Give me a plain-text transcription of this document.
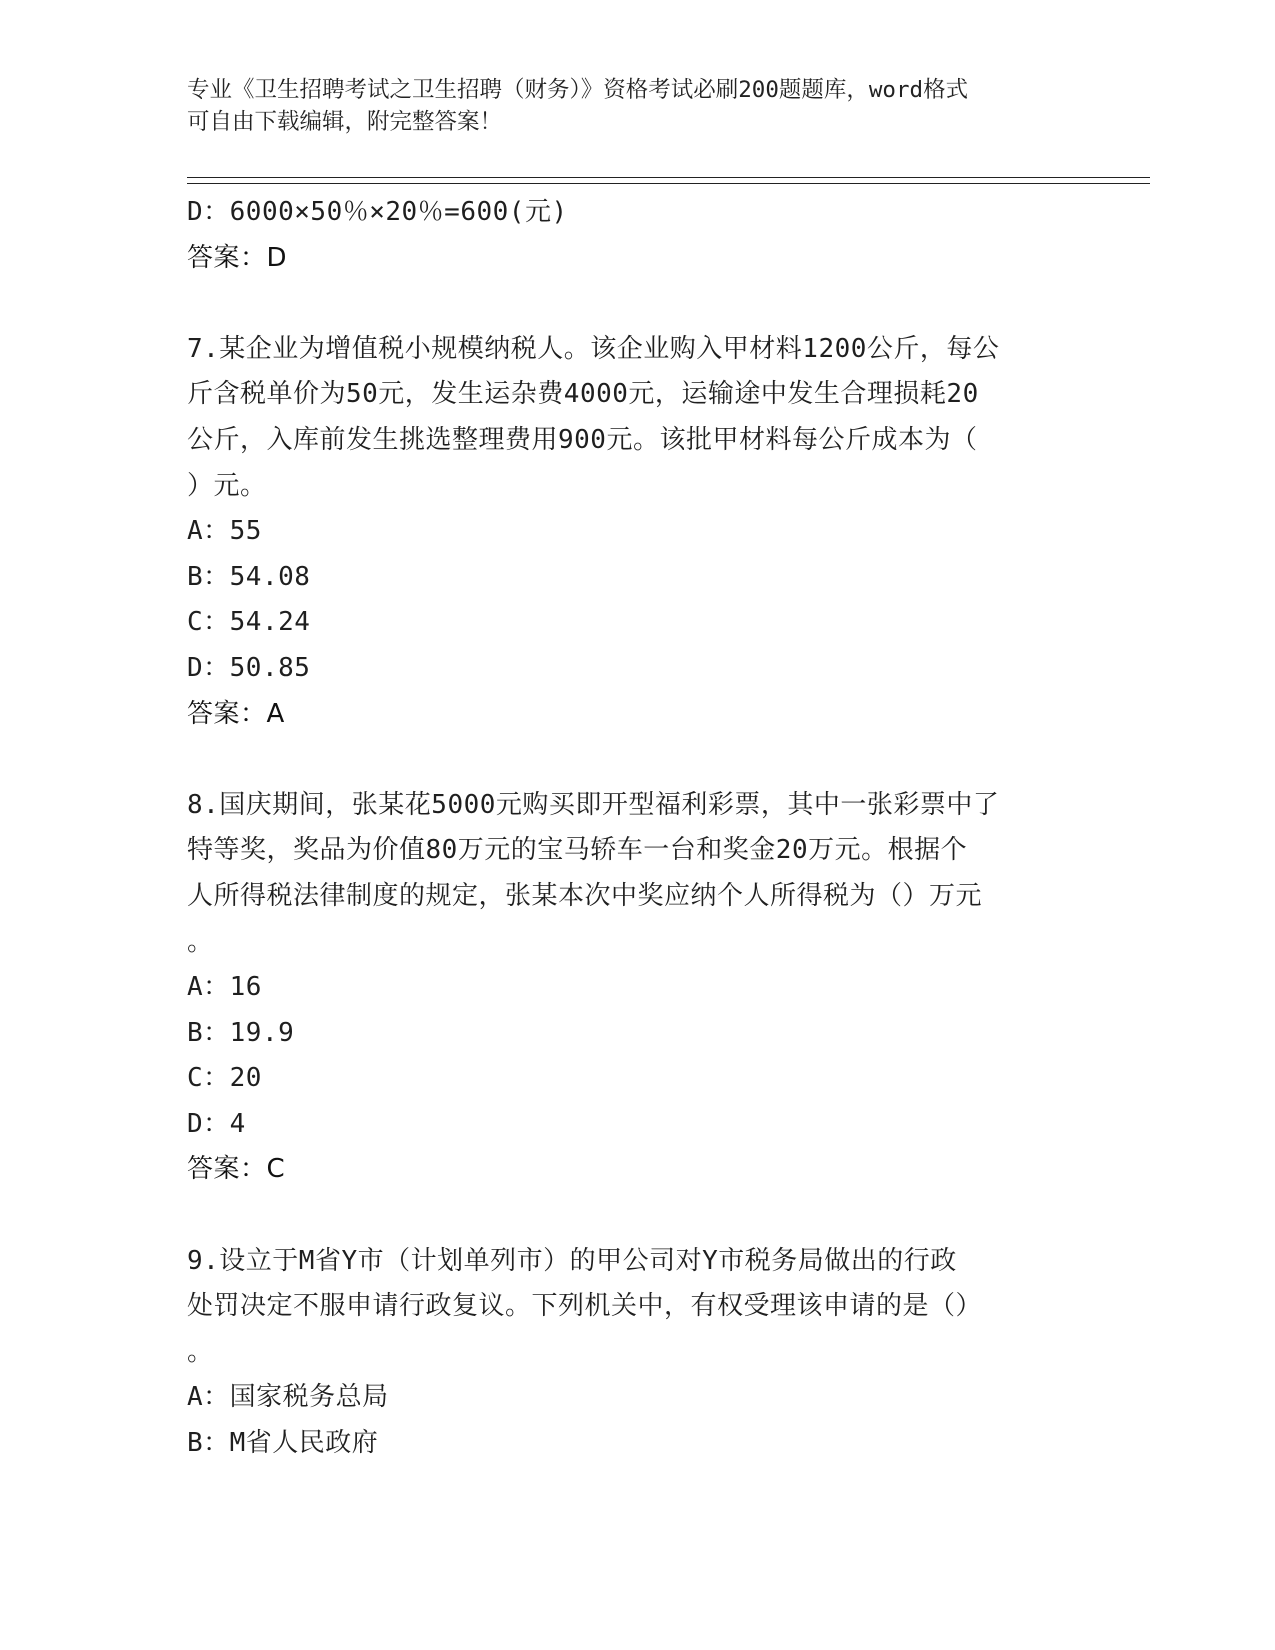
专业《卫生招聘考试之卫生招聘（财务）》资格考试必刷200题题库，word格式
可自由下载编辑，附完整答案！
D：6000×50％×20％=600(元)
答案：D
7.某企业为增值税小规模纳税人。该企业购入甲材料1200公斤，每公
斤含税单价为50元，发生运杂费4000元，运输途中发生合理损耗20
公斤，入库前发生挑选整理费用900元。该批甲材料每公斤成本为（
）元。
A：55
B：54.08
C：54.24
D：50.85
答案：A
8.国庆期间，张某花5000元购买即开型福利彩票，其中一张彩票中了
特等奖，奖品为价值80万元的宝马轿车一台和奖金20万元。根据个
人所得税法律制度的规定，张某本次中奖应纳个人所得税为（）万元
。
A：16
B：19.9
C：20
D：4
答案：C
9.设立于M省Y市（计划单列市）的甲公司对Y市税务局做出的行政
处罚决定不服申请行政复议。下列机关中，有权受理该申请的是（）
。
A：国家税务总局
B：M省人民政府
